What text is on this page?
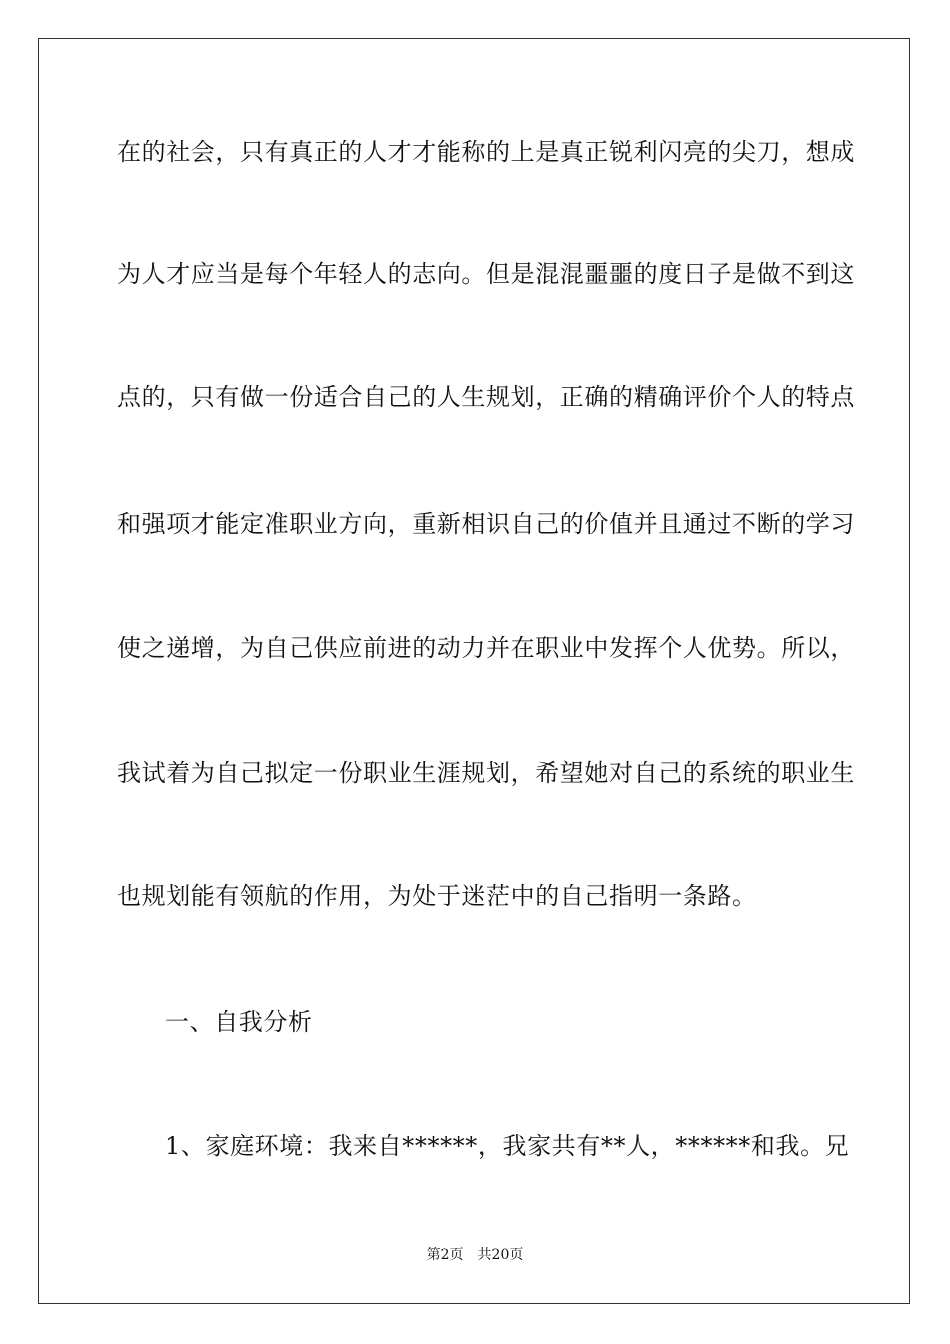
在的社会，只有真正的人才才能称的上是真正锐利闪亮的尖刀，想成
为人才应当是每个年轻人的志向。但是混混噩噩的度日子是做不到这
点的，只有做一份适合自己的人生规划，正确的精确评价个人的特点
和强项才能定准职业方向，重新相识自己的价值并且通过不断的学习
使之递增，为自己供应前进的动力并在职业中发挥个人优势。所以，
我试着为自己拟定一份职业生涯规划，希望她对自己的系统的职业生
也规划能有领航的作用，为处于迷茫中的自己指明一条路。
一、自我分析
1、家庭环境：我来自******，我家共有**人，******和我。兄
第2页 共20页
